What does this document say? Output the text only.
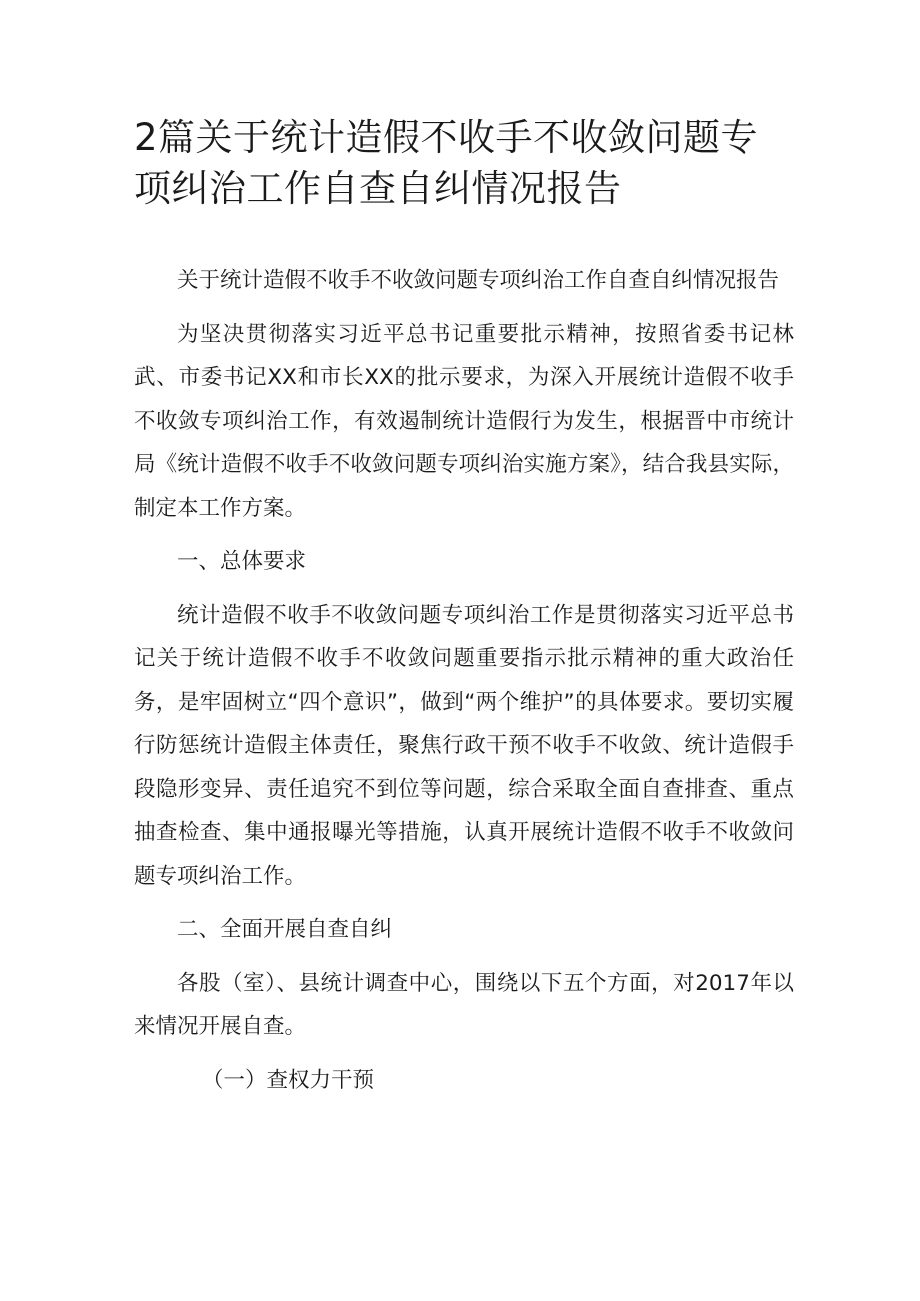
2篇关于统计造假不收手不收敛问题专项纠治工作自查自纠情况报告

关于统计造假不收手不收敛问题专项纠治工作自查自纠情况报告

为坚决贯彻落实习近平总书记重要批示精神，按照省委书记林武、市委书记XX和市长XX的批示要求，为深入开展统计造假不收手不收敛专项纠治工作，有效遏制统计造假行为发生，根据晋中市统计局《统计造假不收手不收敛问题专项纠治实施方案》，结合我县实际，制定本工作方案。

一、总体要求

统计造假不收手不收敛问题专项纠治工作是贯彻落实习近平总书记关于统计造假不收手不收敛问题重要指示批示精神的重大政治任务，是牢固树立“四个意识”，做到“两个维护”的具体要求。要切实履行防惩统计造假主体责任，聚焦行政干预不收手不收敛、统计造假手段隐形变异、责任追究不到位等问题，综合采取全面自查排查、重点抽查检查、集中通报曝光等措施，认真开展统计造假不收手不收敛问题专项纠治工作。

二、全面开展自查自纠

各股（室）、县统计调查中心，围绕以下五个方面，对2017年以来情况开展自查。

（一）查权力干预
